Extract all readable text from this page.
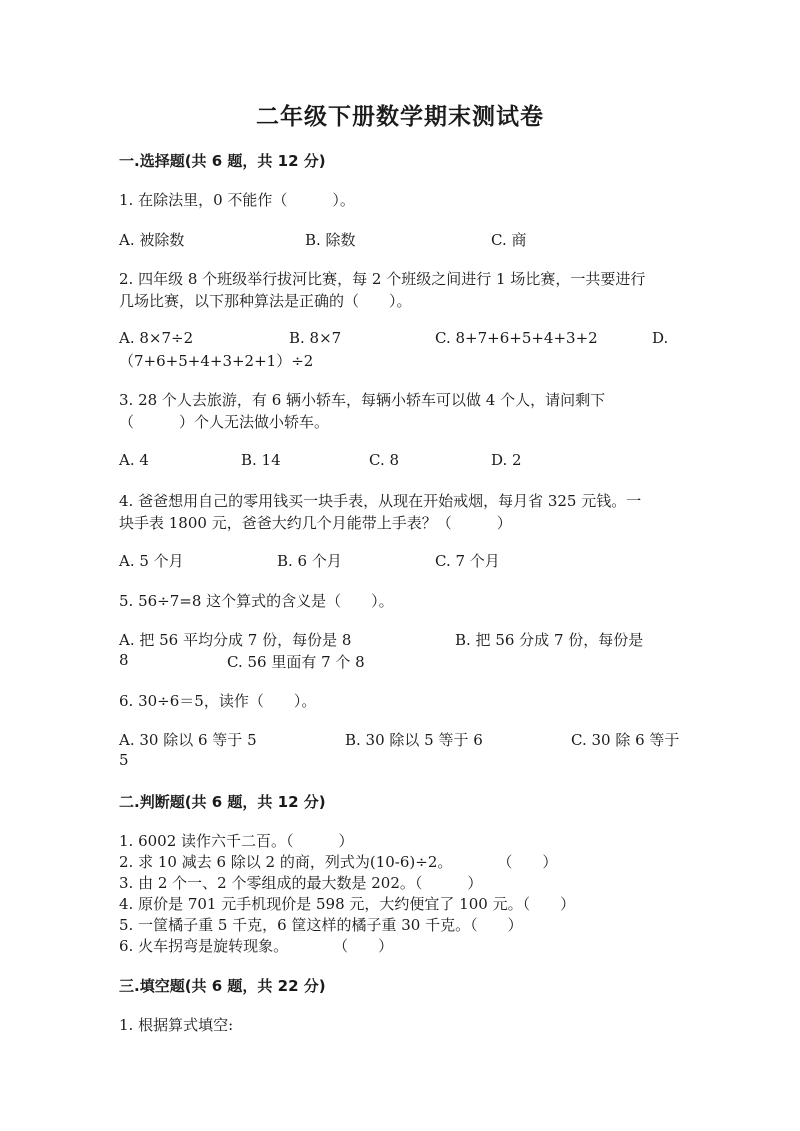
二年级下册数学期末测试卷
一.选择题(共 6 题，共 12 分)
1. 在除法里，0 不能作（　　　）。
A. 被除数	B. 除数	C. 商
2. 四年级 8 个班级举行拔河比赛，每 2 个班级之间进行 1 场比赛，一共要进行
几场比赛，以下那种算法是正确的（　　）。
A. 8×7÷2	B. 8×7	C. 8+7+6+5+4+3+2	D.
（7+6+5+4+3+2+1）÷2
3. 28 个人去旅游，有 6 辆小轿车，每辆小轿车可以做 4 个人，请问剩下
（　　　）个人无法做小轿车。
A. 4	B. 14	C. 8	D. 2
4. 爸爸想用自己的零用钱买一块手表，从现在开始戒烟，每月省 325 元钱。一
块手表 1800 元，爸爸大约几个月能带上手表？（　　　）
A. 5 个月	B. 6 个月	C. 7 个月
5. 56÷7=8 这个算式的含义是（　　）。
A. 把 56 平均分成 7 份，每份是 8	B. 把 56 分成 7 份，每份是
8	C. 56 里面有 7 个 8
6. 30÷6＝5，读作（　　）。
A. 30 除以 6 等于 5	B. 30 除以 5 等于 6	C. 30 除 6 等于
5
二.判断题(共 6 题，共 12 分)
1. 6002 读作六千二百。（　　　）
2. 求 10 减去 6 除以 2 的商，列式为(10-6)÷2。　　　　（　　）
3. 由 2 个一、2 个零组成的最大数是 202。（　　　）
4. 原价是 701 元手机现价是 598 元，大约便宜了 100 元。（　　）
5. 一筐橘子重 5 千克，6 筐这样的橘子重 30 千克。（　　）
6. 火车拐弯是旋转现象。　　　　（　　）
三.填空题(共 6 题，共 22 分)
1. 根据算式填空:
